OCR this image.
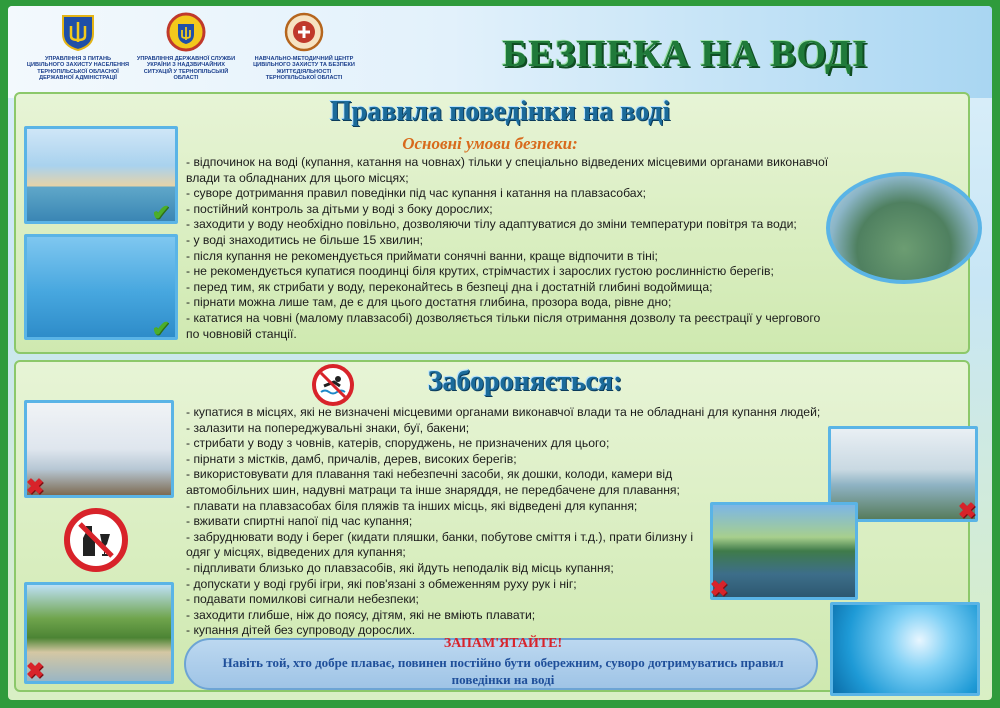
УПРАВЛІННЯ З ПИТАНЬ ЦИВІЛЬНОГО ЗАХИСТУ НАСЕЛЕННЯ ТЕРНОПІЛЬСЬКОЇ ОБЛАСНОЇ ДЕРЖАВНОЇ АДМІНІСТРАЦІЇ
УПРАВЛІННЯ ДЕРЖАВНОЇ СЛУЖБИ УКРАЇНИ З НАДЗВИЧАЙНИХ СИТУАЦІЙ У ТЕРНОПІЛЬСЬКІЙ ОБЛАСТІ
НАВЧАЛЬНО-МЕТОДИЧНИЙ ЦЕНТР ЦИВІЛЬНОГО ЗАХИСТУ ТА БЕЗПЕКИ ЖИТТЄДІЯЛЬНОСТІ ТЕРНОПІЛЬСЬКОЇ ОБЛАСТІ
БЕЗПЕКА НА ВОДІ
Правила поведінки на воді
Основні умови безпеки:
- відпочинок на воді (купання, катання на човнах) тільки у спеціально відведених місцевими органами виконавчої влади та обладнаних для цього місцях;
- суворе дотримання правил поведінки під час купання і катання на плавзасобах;
- постійний контроль за дітьми у воді з боку дорослих;
- заходити у воду необхідно повільно, дозволяючи тілу адаптуватися до зміни температури повітря та води;
- у воді знаходитись не більше 15 хвилин;
- після купання не рекомендується приймати сонячні ванни, краще відпочити в тіні;
- не рекомендується купатися поодинці біля крутих, стрімчастих і зарослих густою рослинністю берегів;
- перед тим, як стрибати у воду, переконайтесь в безпеці дна і достатній глибині водоймища;
- пірнати можна лише там, де є для цього достатня глибина, прозора вода, рівне дно;
- кататися на човні (малому плавзасобі) дозволяється тільки після отримання дозволу та реєстрації у чергового по човновій станції.
✔
✔
Забороняється:
- купатися в місцях, які не визначені місцевими органами виконавчої влади та не обладнані для купання людей;
- залазити на попереджувальні знаки, буї, бакени;
- стрибати у воду з човнів, катерів, споруджень, не призначених для цього;
- пірнати з містків, дамб, причалів, дерев, високих берегів;
- використовувати для плавання такі небезпечні засоби, як дошки, колоди, камери від автомобільних шин, надувні матраци та інше знаряддя, не передбачене для плавання;
- плавати на плавзасобах біля пляжів та інших місць, які відведені для купання;
- вживати спиртні напої під час купання;
- забруднювати воду і берег (кидати пляшки, банки, побутове сміття і т.д.), прати білизну і одяг у місцях, відведених для купання;
- підпливати близько до плавзасобів, які йдуть неподалік від місць купання;
- допускати у воді грубі ігри, які пов'язані з обмеженням руху рук і ніг;
- подавати помилкові сигнали небезпеки;
- заходити глибше, ніж до поясу, дітям, які не вміють плавати;
- купання дітей без супроводу дорослих.
✖
✖
✖
✖
ЗАПАМ'ЯТАЙТЕ!
Навіть той, хто добре плаває, повинен постійно бути обережним, суворо дотримуватись правил поведінки на воді
